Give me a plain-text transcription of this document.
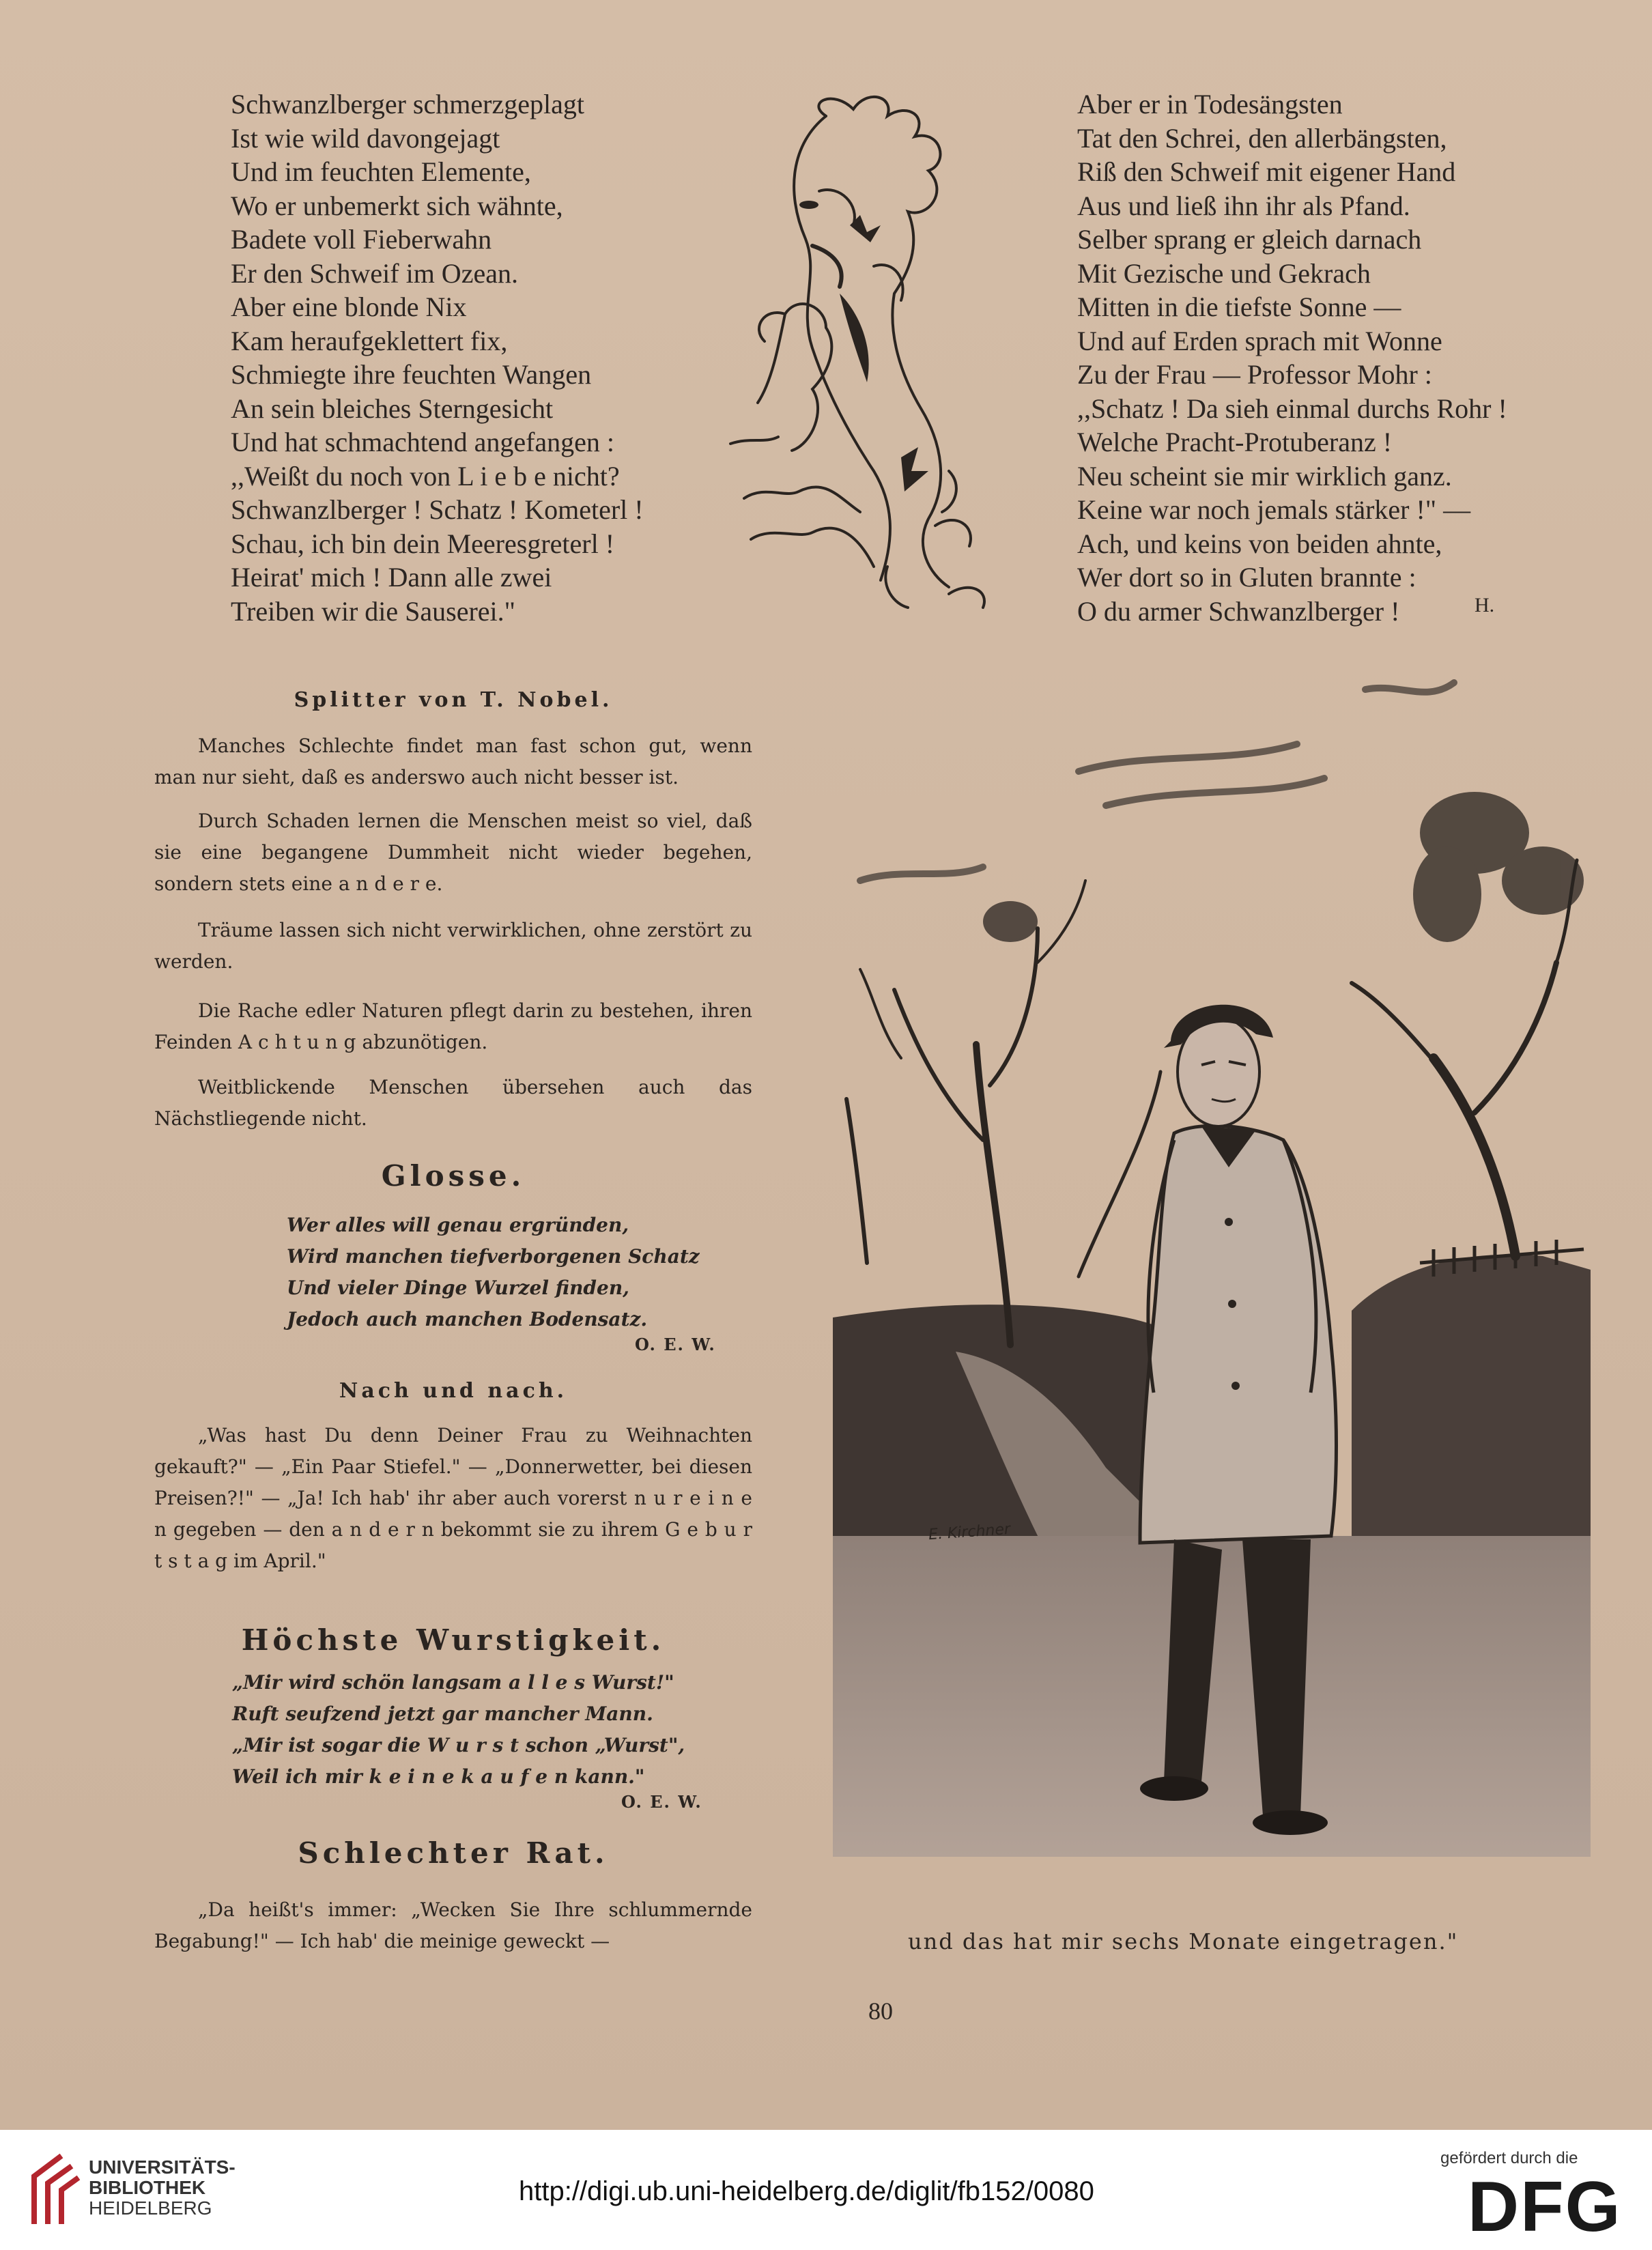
Schwanzlberger schmerzgeplagt
Ist wie wild davongejagt
Und im feuchten Elemente,
Wo er unbemerkt sich wähnte,
Badete voll Fieberwahn
Er den Schweif im Ozean.
Aber eine blonde Nix
Kam heraufgeklettert fix,
Schmiegte ihre feuchten Wangen
An sein bleiches Sterngesicht
Und hat schmachtend angefangen :
,,Weißt du noch von L i e b e nicht?
Schwanzlberger ! Schatz ! Kometerl !
Schau, ich bin dein Meeresgreterl !
Heirat' mich ! Dann alle zwei
Treiben wir die Sauserei."
Aber er in Todesängsten
Tat den Schrei, den allerbängsten,
Riß den Schweif mit eigener Hand
Aus und ließ ihn ihr als Pfand.
Selber sprang er gleich darnach
Mit Gezische und Gekrach
Mitten in die tiefste Sonne —
Und auf Erden sprach mit Wonne
Zu der Frau — Professor Mohr :
,,Schatz ! Da sieh einmal durchs Rohr !
Welche Pracht-Protuberanz !
Neu scheint sie mir wirklich ganz.
Keine war noch jemals stärker !" —
Ach, und keins von beiden ahnte,
Wer dort so in Gluten brannte :
O du armer Schwanzlberger !	H.
Splitter von T. Nobel.
Manches Schlechte findet man fast schon gut, wenn man nur sieht, daß es anderswo auch nicht besser ist.
Durch Schaden lernen die Menschen meist so viel, daß sie eine begangene Dummheit nicht wieder begehen, sondern stets eine a n d e r e.
Träume lassen sich nicht verwirklichen, ohne zerstört zu werden.
Die Rache edler Naturen pflegt darin zu bestehen, ihren Feinden A c h t u n g abzunötigen.
Weitblickende Menschen übersehen auch das Nächstliegende nicht.
Glosse.
Wer alles will genau ergründen,
Wird manchen tiefverborgenen Schatz
Und vieler Dinge Wurzel finden,
Jedoch auch manchen Bodensatz.
O. E. W.
Nach und nach.
„Was hast Du denn Deiner Frau zu Weihnachten gekauft?" — „Ein Paar Stiefel." — „Donnerwetter, bei diesen Preisen?!" — „Ja! Ich hab' ihr aber auch vorerst n u r e i n e n gegeben — den a n d e r n bekommt sie zu ihrem G e b u r t s t a g im April."
Höchste Wurstigkeit.
„Mir wird schön langsam a l l e s Wurst!"
Ruft seufzend jetzt gar mancher Mann.
„Mir ist sogar die W u r s t schon „Wurst",
Weil ich mir k e i n e k a u f e n kann."
O. E. W.
Schlechter Rat.
„Da heißt's immer: „Wecken Sie Ihre schlummernde Begabung!" — Ich hab' die meinige geweckt —
E. Kirchner
und das hat mir sechs Monate eingetragen."
80
UNIVERSITÄTS-
BIBLIOTHEK
HEIDELBERG
http://digi.ub.uni-heidelberg.de/diglit/fb152/0080
gefördert durch die
DFG
